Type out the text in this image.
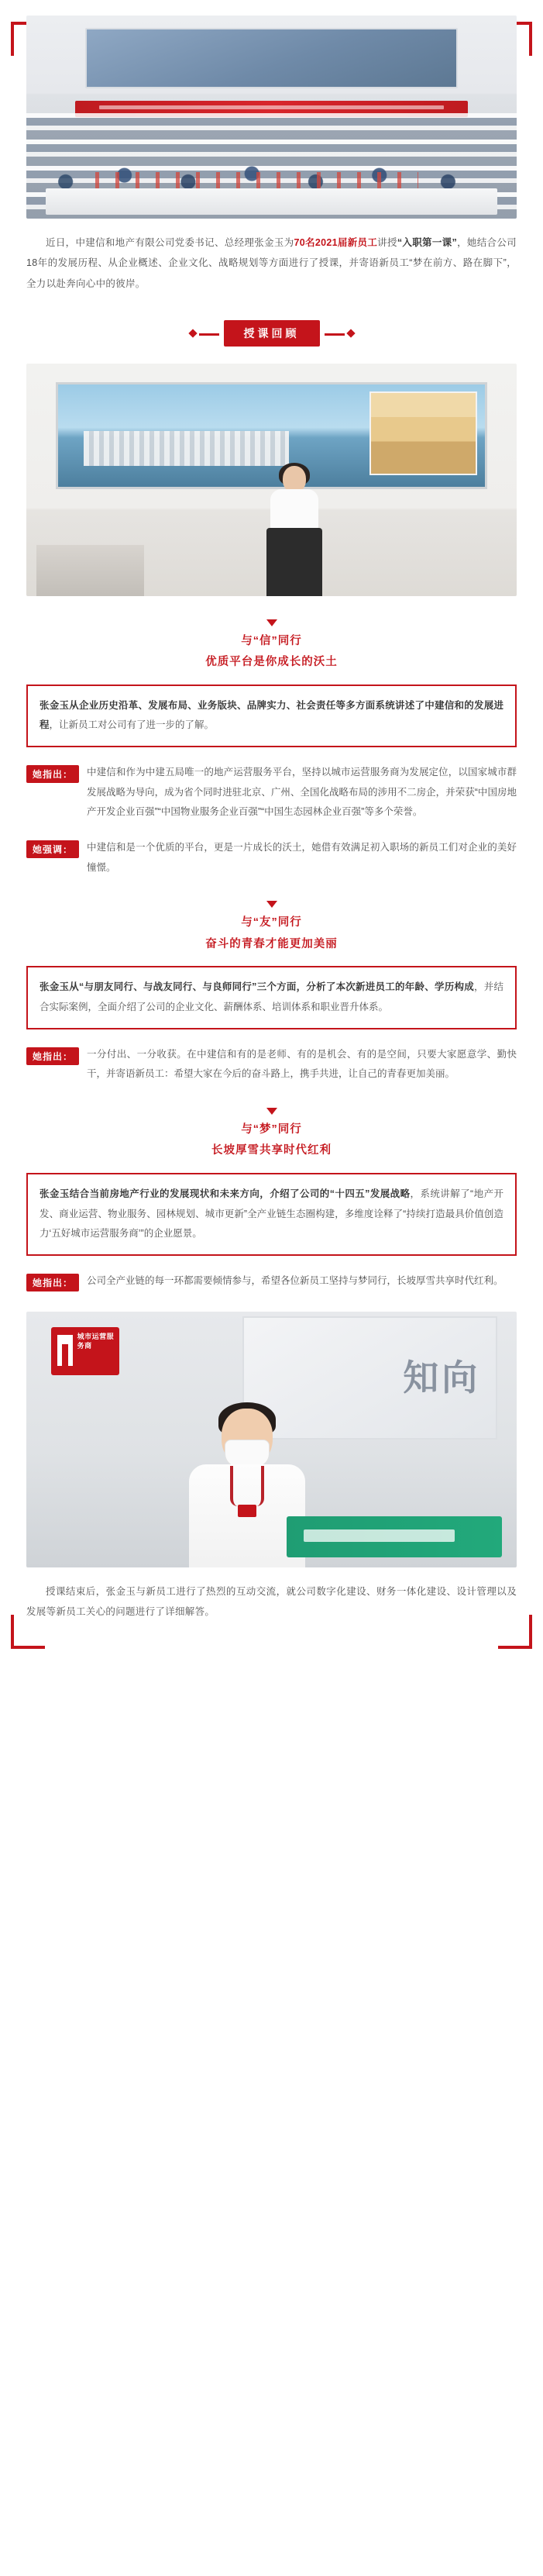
近日，中建信和地产有限公司党委书记、总经理张金玉为70名2021届新员工讲授“入职第一课”，她结合公司18年的发展历程、从企业概述、企业文化、战略规划等方面进行了授课，并寄语新员工“梦在前方、路在脚下”，全力以赴奔向心中的彼岸。

授课回顾
与“信”同行
优质平台是你成长的沃土
张金玉从企业历史沿革、发展布局、业务版块、品牌实力、社会责任等多方面系统讲述了中建信和的发展进程，让新员工对公司有了进一步的了解。
她指出：	中建信和作为中建五局唯一的地产运营服务平台，坚持以城市运营服务商为发展定位，以国家城市群发展战略为导向，成为省个同时进驻北京、广州、全国化战略布局的涉用不二房企，并荣获“中国房地产开发企业百强”“中国物业服务企业百强”“中国生态园林企业百强”等多个荣誉。
她强调：	中建信和是一个优质的平台，更是一片成长的沃土，她借有效满足初入职场的新员工们对企业的美好憧憬。
与“友”同行
奋斗的青春才能更加美丽
张金玉从“与朋友同行、与战友同行、与良师同行”三个方面，分析了本次新进员工的年龄、学历构成，并结合实际案例，全面介绍了公司的企业文化、薪酬体系、培训体系和职业晋升体系。
她指出：	一分付出、一分收获。在中建信和有的是老师、有的是机会、有的是空间，只要大家愿意学、勤快干，并寄语新员工：希望大家在今后的奋斗路上，携手共进，让自己的青春更加美丽。
与“梦”同行
长坡厚雪共享时代红利
张金玉结合当前房地产行业的发展现状和未来方向，介绍了公司的“十四五”发展战略，系统讲解了“地产开发、商业运营、物业服务、园林规划、城市更新”全产业链生态圈构建，多维度诠释了“持续打造最具价值创造力‘五好城市运营服务商’”的企业愿景。
她指出：	公司全产业链的每一环都需要倾情参与，希望各位新员工坚持与梦同行，长坡厚雪共享时代红利。
城市运营服务商
知向

授课结束后，张金玉与新员工进行了热烈的互动交流，就公司数字化建设、财务一体化建设、设计管理以及发展等新员工关心的问题进行了详细解答。
